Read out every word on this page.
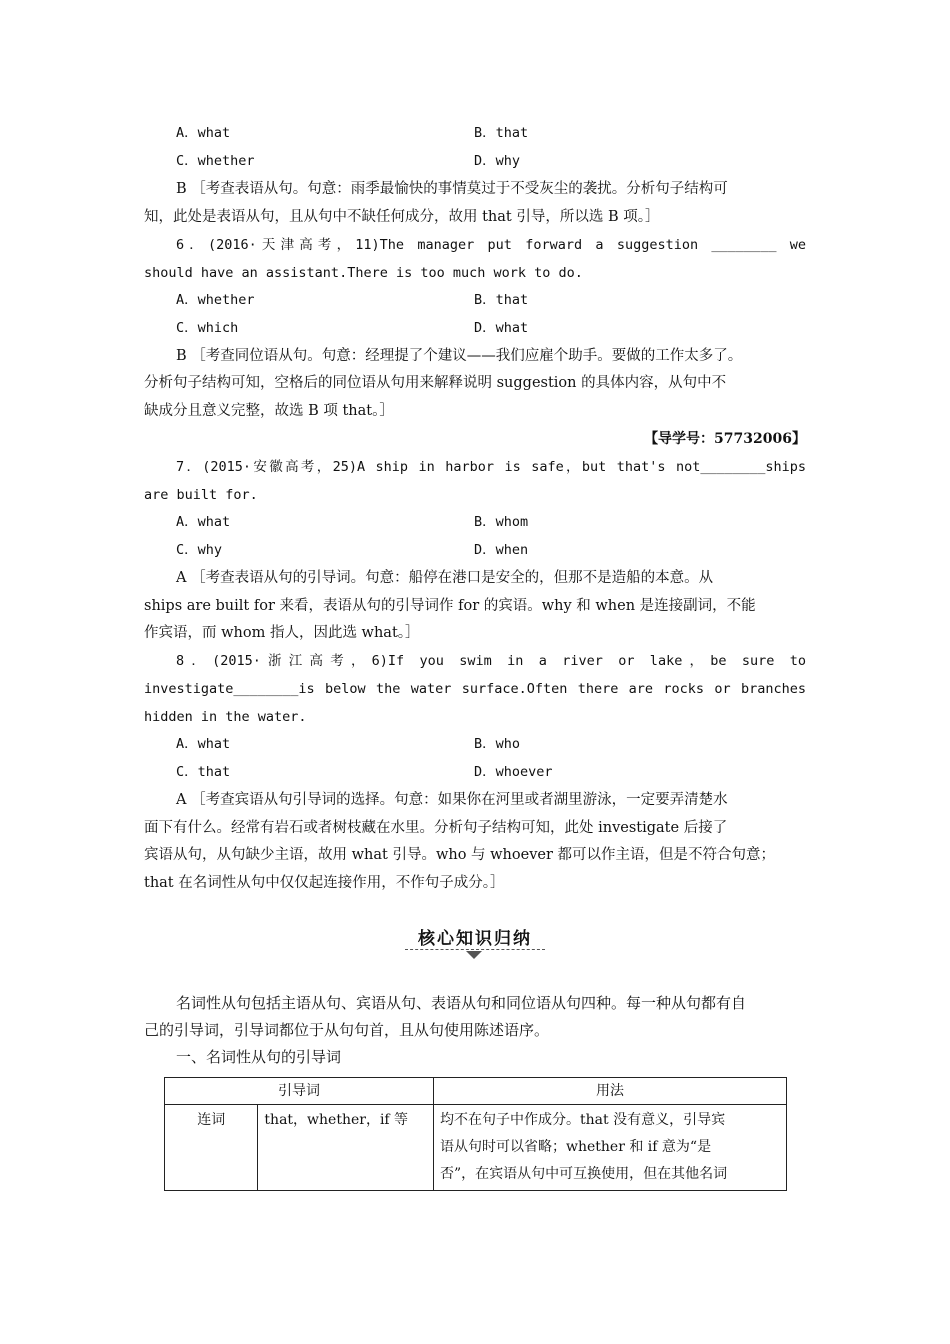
A．what	B．that
C．whether	D．why
B ［考查表语从句。句意：雨季最愉快的事情莫过于不受灰尘的袭扰。分析句子结构可
知，此处是表语从句，且从句中不缺任何成分，故用 that 引导，所以选 B 项。］
6．(2016·天津高考，11)The manager put forward a suggestion ________ we
should have an assistant.There is too much work to do.
A．whether	B．that
C．which	D．what
B ［考查同位语从句。句意：经理提了个建议——我们应雇个助手。要做的工作太多了。
分析句子结构可知，空格后的同位语从句用来解释说明 suggestion 的具体内容，从句中不
缺成分且意义完整，故选 B 项 that。］
【导学号：57732006】
7．(2015·安徽高考，25)A ship in harbor is safe，but that's not________ships
are built for.
A．what	B．whom
C．why	D．when
A ［考查表语从句的引导词。句意：船停在港口是安全的，但那不是造船的本意。从
ships are built for 来看，表语从句的引导词作 for 的宾语。why 和 when 是连接副词，不能
作宾语，而 whom 指人，因此选 what。］
8．(2015·浙江高考，6)If you swim in a river or lake，be sure to
investigate________is below the water surface.Often there are rocks or branches
hidden in the water.
A．what	B．who
C．that	D．whoever
A ［考查宾语从句引导词的选择。句意：如果你在河里或者湖里游泳，一定要弄清楚水
面下有什么。经常有岩石或者树枝藏在水里。分析句子结构可知，此处 investigate 后接了
宾语从句，从句缺少主语，故用 what 引导。who 与 whoever 都可以作主语，但是不符合句意；
that 在名词性从句中仅仅起连接作用，不作句子成分。］
核心知识归纳
名词性从句包括主语从句、宾语从句、表语从句和同位语从句四种。每一种从句都有自
己的引导词，引导词都位于从句句首，且从句使用陈述语序。
一、名词性从句的引导词
引导词		用法
连词	that，whether，if 等	均不在句子中作成分。that 没有意义，引导宾
语从句时可以省略；whether 和 if 意为“是
否”，在宾语从句中可互换使用，但在其他名词
